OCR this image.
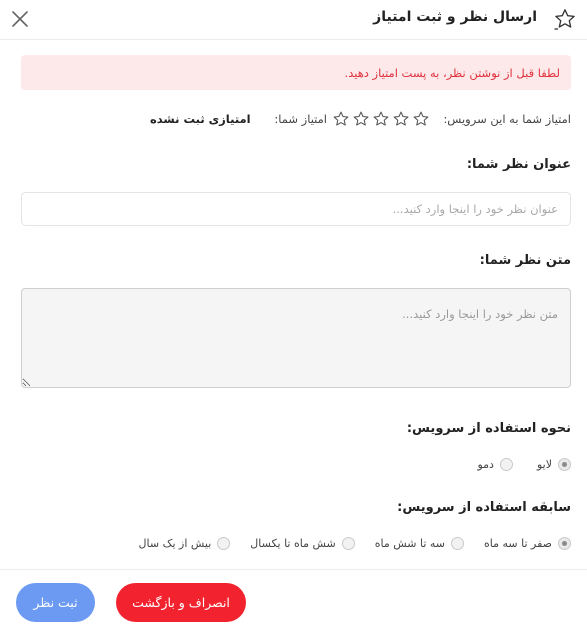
ارسال نظر و ثبت امتیاز
لطفا قبل از نوشتن نظر، به پست امتیاز دهید.
امتیاز شما به این سرویس:
امتیاز شما:
امتیازی ثبت نشده
عنوان نظر شما:
عنوان نظر خود را اینجا وارد کنید...
متن نظر شما:
متن نظر خود را اینجا وارد کنید...
نحوه استفاده از سرویس:
لایو
دمو
سابقه استفاده از سرویس:
صفر تا سه ماه
سه تا شش ماه
شش ماه تا یکسال
بیش از یک سال
انصراف و بازگشت
ثبت نظر
